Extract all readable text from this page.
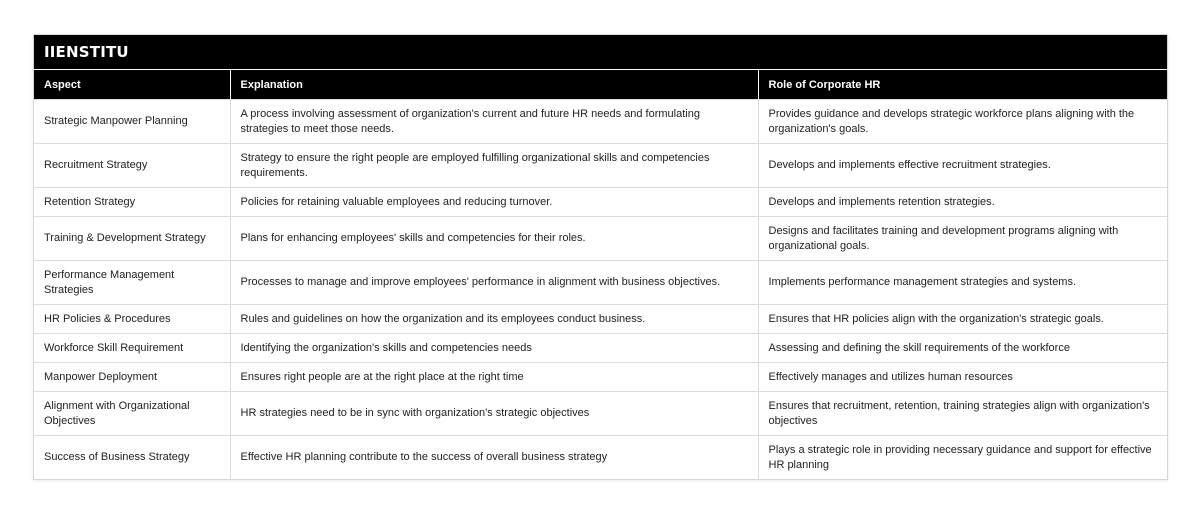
IIENSTITU
Aspect	Explanation	Role of Corporate HR
Strategic Manpower Planning	A process involving assessment of organization's current and future HR needs and formulating strategies to meet those needs.	Provides guidance and develops strategic workforce plans aligning with the organization's goals.
Recruitment Strategy	Strategy to ensure the right people are employed fulfilling organizational skills and competencies requirements.	Develops and implements effective recruitment strategies.
Retention Strategy	Policies for retaining valuable employees and reducing turnover.	Develops and implements retention strategies.
Training & Development Strategy	Plans for enhancing employees' skills and competencies for their roles.	Designs and facilitates training and development programs aligning with organizational goals.
Performance Management Strategies	Processes to manage and improve employees' performance in alignment with business objectives.	Implements performance management strategies and systems.
HR Policies & Procedures	Rules and guidelines on how the organization and its employees conduct business.	Ensures that HR policies align with the organization's strategic goals.
Workforce Skill Requirement	Identifying the organization's skills and competencies needs	Assessing and defining the skill requirements of the workforce
Manpower Deployment	Ensures right people are at the right place at the right time	Effectively manages and utilizes human resources
Alignment with Organizational Objectives	HR strategies need to be in sync with organization's strategic objectives	Ensures that recruitment, retention, training strategies align with organization's objectives
Success of Business Strategy	Effective HR planning contribute to the success of overall business strategy	Plays a strategic role in providing necessary guidance and support for effective HR planning
